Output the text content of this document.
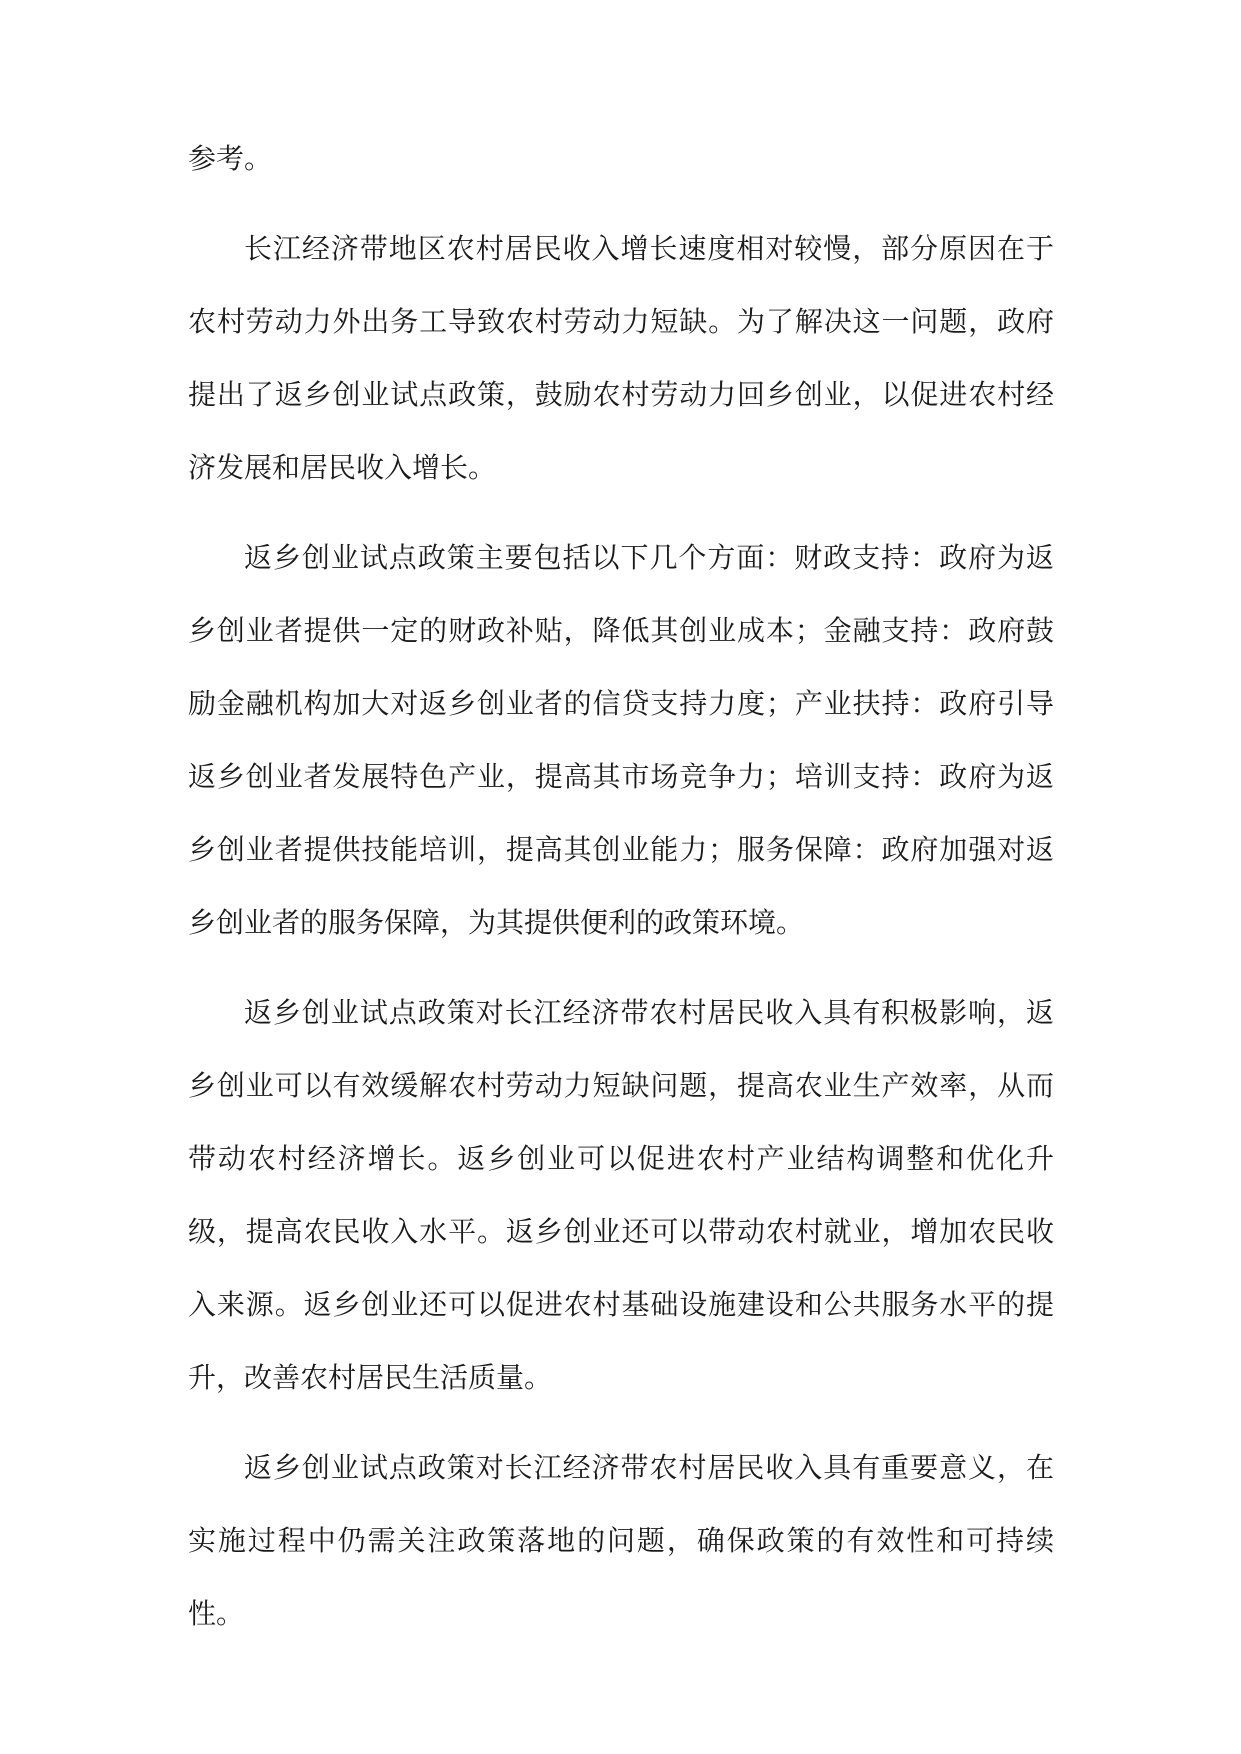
参考。

长江经济带地区农村居民收入增长速度相对较慢，部分原因在于农村劳动力外出务工导致农村劳动力短缺。为了解决这一问题，政府提出了返乡创业试点政策，鼓励农村劳动力回乡创业，以促进农村经济发展和居民收入增长。

返乡创业试点政策主要包括以下几个方面：财政支持：政府为返乡创业者提供一定的财政补贴，降低其创业成本；金融支持：政府鼓励金融机构加大对返乡创业者的信贷支持力度；产业扶持：政府引导返乡创业者发展特色产业，提高其市场竞争力；培训支持：政府为返乡创业者提供技能培训，提高其创业能力；服务保障：政府加强对返乡创业者的服务保障，为其提供便利的政策环境。

返乡创业试点政策对长江经济带农村居民收入具有积极影响，返乡创业可以有效缓解农村劳动力短缺问题，提高农业生产效率，从而带动农村经济增长。返乡创业可以促进农村产业结构调整和优化升级，提高农民收入水平。返乡创业还可以带动农村就业，增加农民收入来源。返乡创业还可以促进农村基础设施建设和公共服务水平的提升，改善农村居民生活质量。

返乡创业试点政策对长江经济带农村居民收入具有重要意义，在实施过程中仍需关注政策落地的问题，确保政策的有效性和可持续性。
